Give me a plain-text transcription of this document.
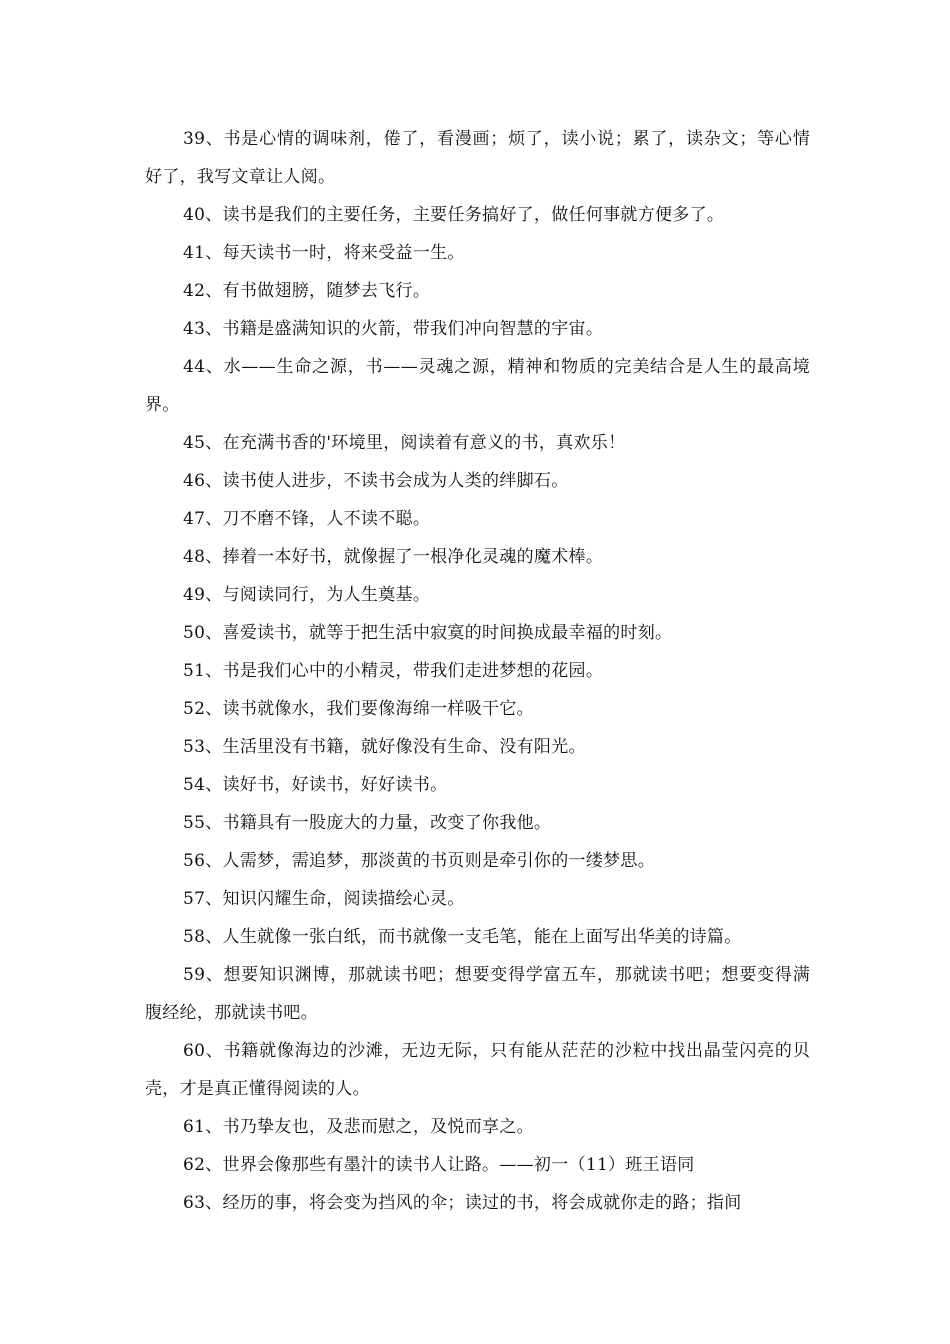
39、书是心情的调味剂，倦了，看漫画；烦了，读小说；累了，读杂文；等心情好了，我写文章让人阅。

40、读书是我们的主要任务，主要任务搞好了，做任何事就方便多了。

41、每天读书一时，将来受益一生。

42、有书做翅膀，随梦去飞行。

43、书籍是盛满知识的火箭，带我们冲向智慧的宇宙。

44、水——生命之源，书——灵魂之源，精神和物质的完美结合是人生的最高境界。

45、在充满书香的'环境里，阅读着有意义的书，真欢乐！

46、读书使人进步，不读书会成为人类的绊脚石。

47、刀不磨不锋，人不读不聪。

48、捧着一本好书，就像握了一根净化灵魂的魔术棒。

49、与阅读同行，为人生奠基。

50、喜爱读书，就等于把生活中寂寞的时间换成最幸福的时刻。

51、书是我们心中的小精灵，带我们走进梦想的花园。

52、读书就像水，我们要像海绵一样吸干它。

53、生活里没有书籍，就好像没有生命、没有阳光。

54、读好书，好读书，好好读书。

55、书籍具有一股庞大的力量，改变了你我他。

56、人需梦，需追梦，那淡黄的书页则是牵引你的一缕梦思。

57、知识闪耀生命，阅读描绘心灵。

58、人生就像一张白纸，而书就像一支毛笔，能在上面写出华美的诗篇。

59、想要知识渊博，那就读书吧；想要变得学富五车，那就读书吧；想要变得满腹经纶，那就读书吧。

60、书籍就像海边的沙滩，无边无际，只有能从茫茫的沙粒中找出晶莹闪亮的贝壳，才是真正懂得阅读的人。

61、书乃挚友也，及悲而慰之，及悦而享之。

62、世界会像那些有墨汁的读书人让路。——初一（11）班王语同

63、经历的事，将会变为挡风的伞；读过的书，将会成就你走的路；指间
